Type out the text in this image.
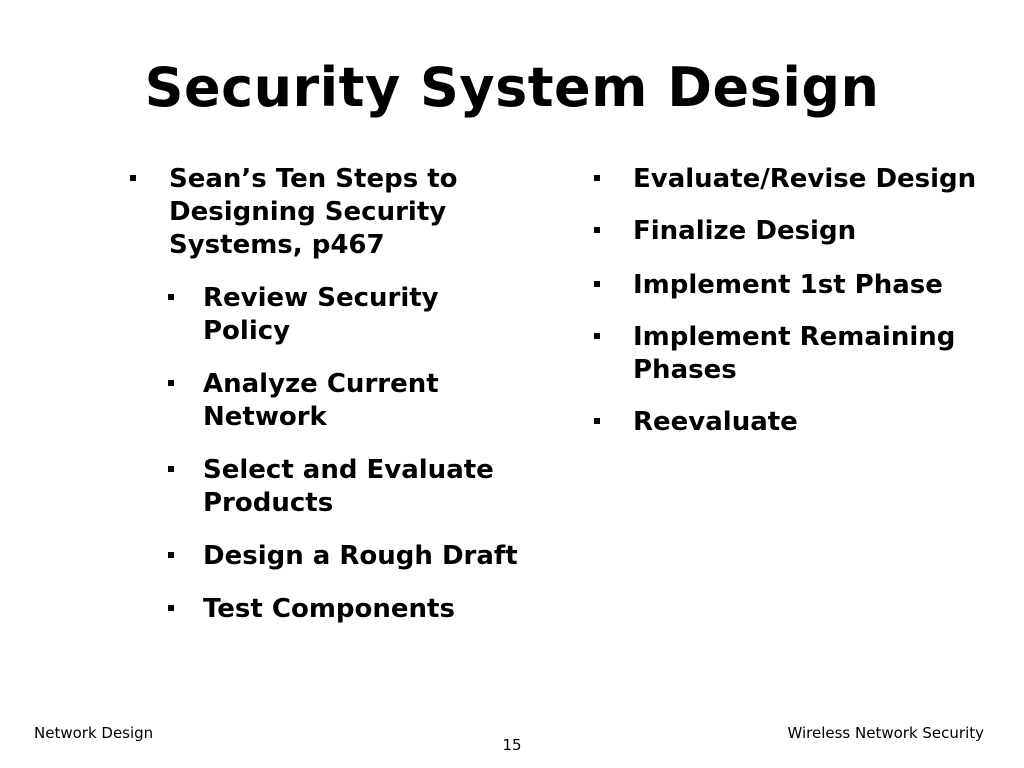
Security System Design
Sean’s Ten Steps to Designing Security Systems, p467
Review Security Policy
Analyze Current Network
Select and Evaluate Products
Design a Rough Draft
Test Components
Evaluate/Revise Design
Finalize Design
Implement 1st Phase
Implement Remaining Phases
Reevaluate
Network Design
15
Wireless Network Security
